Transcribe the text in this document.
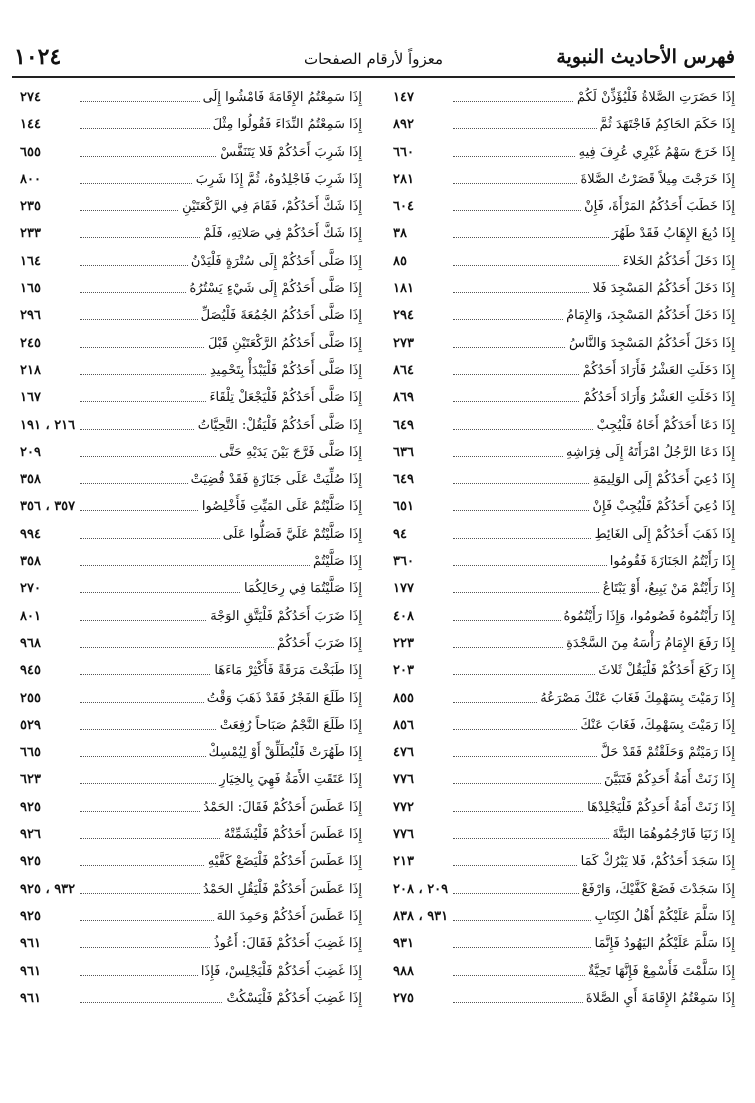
فهرس الأحاديث النبوية
معزواً لأرقام الصفحات
١٠٢٤
إِذَا حَضَرَتِ الصَّلاةُ فَلْيُؤَذِّنْ لَكُمْ
١٤٧
إِذَا حَكَمَ الحَاكِمُ فَاجْتَهَدَ ثُمَّ
٨٩٢
إِذَا خَرَجَ سَهْمُ غَيْرِي عُرِفَ فِيهِ
٦٦٠
إِذَا خَرَجْتَ مِيلاً قَصَرْتُ الصَّلاةَ
٢٨١
إِذَا خَطَبَ أَحَدُكُمُ المَرْأَةَ، فَإِنْ
٦٠٤
إِذَا دُبِغَ الإِهَابُ فَقَدْ طَهُرَ
٣٨
إِذَا دَخَلَ أَحَدُكُمُ الخَلاءَ
٨٥
إِذَا دَخَلَ أَحَدُكُمُ المَسْجِدَ فَلا
١٨١
إِذَا دَخَلَ أَحَدُكُمُ المَسْجِدَ، وَالإِمَامُ
٢٩٤
إِذَا دَخَلَ أَحَدُكُمُ المَسْجِدَ وَالنَّاسُ
٢٧٣
إِذَا دَخَلَتِ العَشْرُ فَأَرَادَ أَحَدُكُمْ
٨٦٤
إِذَا دَخَلَتِ العَشْرُ وَأَرَادَ أَحَدُكُمْ
٨٦٩
إِذَا دَعَا أَحَدَكُمْ أَخَاهُ فَلْيُجِبْ
٦٤٩
إِذَا دَعَا الرَّجُلُ امْرَأَتَهُ إِلَى فِرَاشِهِ
٦٣٦
إِذَا دُعِيَ أَحَدُكُمْ إِلَى الوَلِيمَةِ
٦٤٩
إِذَا دُعِيَ أَحَدُكُمْ فَلْيُجِبْ فَإِنْ
٦٥١
إِذَا ذَهَبَ أَحَدُكُمْ إِلَى الغَائِطِ
٩٤
إِذَا رَأَيْتُمُ الجَنَازَةَ فَقُومُوا
٣٦٠
إِذَا رَأَيْتُمْ مَنْ يَبِيعُ، أَوْ يَبْتَاعُ
١٧٧
إِذَا رَأَيْتُمُوهُ فَصُومُوا، وَإِذَا رَأَيْتُمُوهُ
٤٠٨
إِذَا رَفَعَ الإِمَامُ رَأْسَهُ مِنَ السَّجْدَةِ
٢٢٣
إِذَا رَكَعَ أَحَدُكُمْ فَلْيَقُلْ ثَلاثَ
٢٠٣
إِذَا رَمَيْتَ بِسَهْمِكَ فَغَابَ عَنْكَ مَصْرَعُهُ
٨٥٥
إِذَا رَمَيْتَ بِسَهْمِكَ، فَغَابَ عَنْكَ
٨٥٦
إِذَا رَمَيْتُمْ وَحَلَقْتُمْ فَقَدْ حَلَّ
٤٧٦
إِذَا زَنَتْ أَمَةُ أَحَدِكُمْ فَتَبَيَّنَ
٧٧٦
إِذَا زَنَتْ أَمَةُ أَحَدِكُمْ فَلْيَجْلِدْهَا
٧٧٢
إِذَا زَنَيَا فَارْجُمُوهُمَا البَتَّةَ
٧٧٦
إِذَا سَجَدَ أَحَدُكُمْ، فَلا يَبْرُكْ كَمَا
٢١٣
إِذَا سَجَدْتَ فَضَعْ كَفَّيْكَ، وَارْفَعْ
٢٠٩ ، ٢٠٨
إِذَا سَلَّمَ عَلَيْكُمْ أَهْلُ الكِتَابِ
٩٣١ ، ٨٣٨
إِذَا سَلَّمَ عَلَيْكُمُ اليَهُودُ فَإِنَّمَا
٩٣١
إِذَا سَلَّمْتَ فَأَسْمِعْ فَإِنَّهَا تَحِيَّةٌ
٩٨٨
إِذَا سَمِعْتُمُ الإِقَامَةَ أَيِ الصَّلاةَ
٢٧٥
إِذَا سَمِعْتُمُ الإِقَامَةَ فَامْشُوا إِلَى
٢٧٤
إِذَا سَمِعْتُمُ النِّدَاءَ فَقُولُوا مِثْلَ
١٤٤
إِذَا شَرِبَ أَحَدُكُمْ فَلا يَتَنَفَّسْ
٦٥٥
إِذَا شَرِبَ فَاجْلِدُوهُ، ثُمَّ إِذَا شَرِبَ
٨٠٠
إِذَا شَكَّ أَحَدُكُمْ، فَقَامَ فِي الرَّكْعَتَيْنِ
٢٣٥
إِذَا شَكَّ أَحَدُكُمْ فِي صَلاتِهِ، فَلَمْ
٢٣٣
إِذَا صَلَّى أَحَدُكُمْ إِلَى سُتْرَةٍ فَلْيَدْنُ
١٦٤
إِذَا صَلَّى أَحَدُكُمْ إِلَى شَيْءٍ يَسْتُرُهُ
١٦٥
إِذَا صَلَّى أَحَدُكُمُ الجُمُعَةَ فَلْيُصَلِّ
٢٩٦
إِذَا صَلَّى أَحَدُكُمُ الرَّكْعَتَيْنِ قَبْلَ
٢٤٥
إِذَا صَلَّى أَحَدُكُمْ فَلْيَبْدَأْ بِتَحْمِيدِ
٢١٨
إِذَا صَلَّى أَحَدُكُمْ فَلْيَجْعَلْ تِلْقَاءَ
١٦٧
إِذَا صَلَّى أَحَدُكُمْ فَلْيَقُلْ: التَّحِيَّاتُ
٢١٦ ، ١٩١
إِذَا صَلَّى فَرَّجَ بَيْنَ يَدَيْهِ حَتَّى
٢٠٩
إِذَا صُلِّيَتْ عَلَى جَنَازَةٍ فَقَدْ قُضِيَتْ
٣٥٨
إِذَا صَلَّيْتُمْ عَلَى المَيِّتِ فَأَخْلِصُوا
٣٥٧ ، ٣٥٦
إِذَا صَلَّيْتُمْ عَلَيَّ فَصَلُّوا عَلَى
٩٩٤
إِذَا صَلَّيْتُمْ
٣٥٨
إِذَا صَلَّيْتُمَا فِي رِحَالِكُمَا
٢٧٠
إِذَا ضَرَبَ أَحَدُكُمْ فَلْيَتَّقِ الوَجْهَ
٨٠١
إِذَا ضَرَبَ أَحَدُكُمْ
٩٦٨
إِذَا طَبَخْتَ مَرَقَةً فَأَكْثِرْ مَاءَهَا
٩٤٥
إِذَا طَلَعَ الفَجْرُ فَقَدْ ذَهَبَ وَقْتُ
٢٥٥
إِذَا طَلَعَ النَّجْمُ صَبَاحاً رُفِعَتْ
٥٢٩
إِذَا طَهُرَتْ فَلْيُطَلِّقْ أَوْ لِيُمْسِكْ
٦٦٥
إِذَا عَتَقَتِ الأَمَةُ فَهِيَ بِالخِيَارِ
٦٢٣
إِذَا عَطَسَ أَحَدُكُمْ فَقَالَ: الحَمْدُ
٩٢٥
إِذَا عَطَسَ أَحَدُكُمْ فَلْيُشَمِّتْهُ
٩٢٦
إِذَا عَطَسَ أَحَدُكُمْ فَلْيَضَعْ كَفَّيْهِ
٩٢٥
إِذَا عَطَسَ أَحَدُكُمْ فَلْيَقُلِ الحَمْدُ
٩٣٢ ، ٩٢٥
إِذَا عَطَسَ أَحَدُكُمْ وَحَمِدَ اللهَ
٩٢٥
إِذَا غَضِبَ أَحَدُكُمْ فَقَالَ: أَعُوذُ
٩٦١
إِذَا غَضِبَ أَحَدُكُمْ فَلْيَجْلِسْ، فَإِذَا
٩٦١
إِذَا غَضِبَ أَحَدُكُمْ فَلْيَسْكُتْ
٩٦١
